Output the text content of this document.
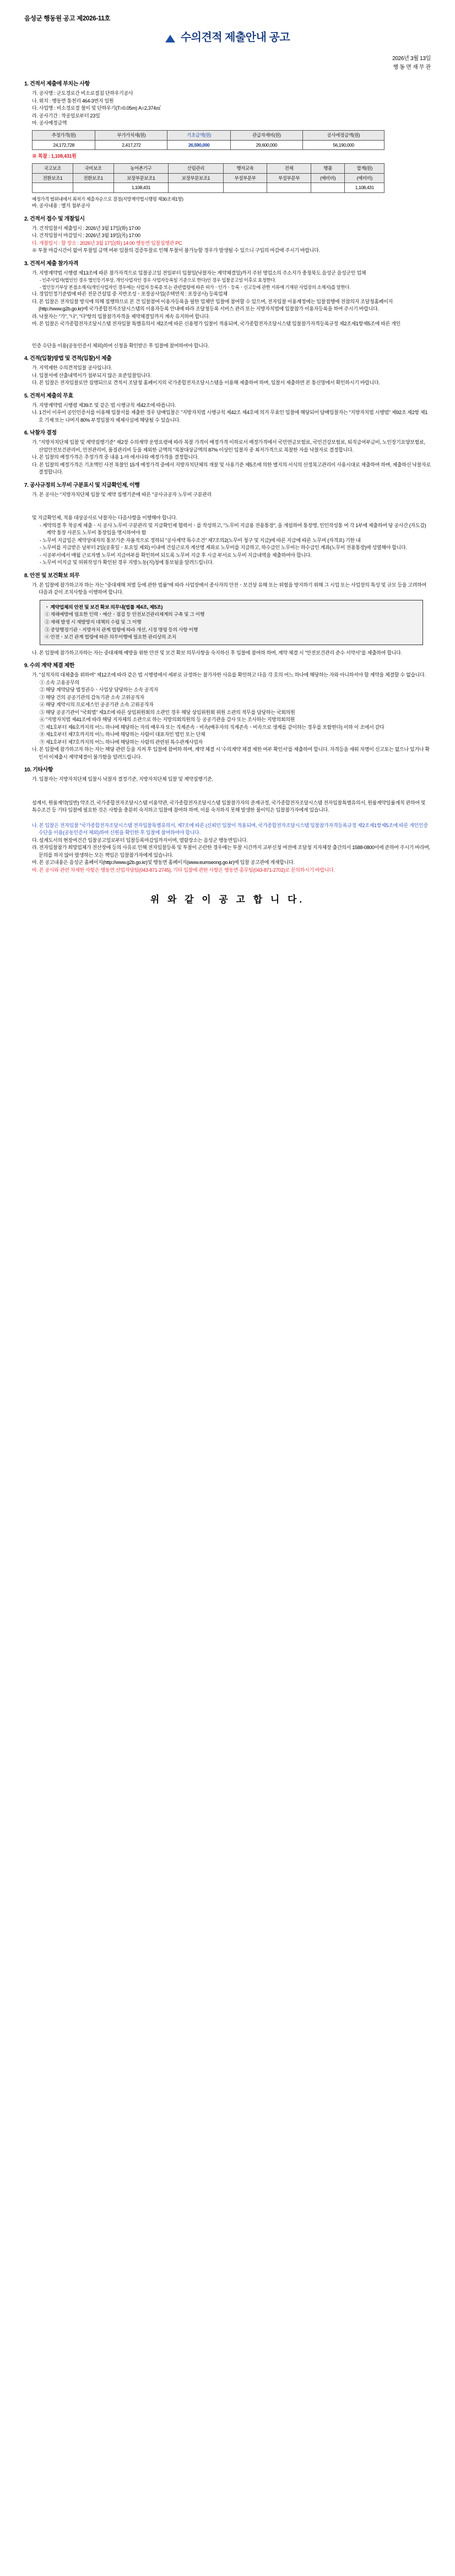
음성군 행동원 공고 제2026-11호
수의견적 제출안내 공고
2026년 3월 13일
행 동 면 재 무 관
1. 건적서 제출에 부치는 사항
가. 공사명 : 군도경로간 비소로절침 단하우기공사
나. 위치 : 행동면 통천리 464-3번지 일원
다. 사업명 : 비소경로절 철이 및 단하우기(T=0.05m) A=2,374㎡
라. 공사기간 : 착공일로부터 23일
마. 공사예정금액
추정가격(원)	부가가치세(원)	기초금액(원)	관급자재비(원)	공사에정금액(원)
24,172,728	2,417,272	26,590,000	29,600,000	56,190,000
※ 복찰 : 1,108,431원
국고보조	국비보조	농어촌기구	산림관리	행자교육	전체	행품	합계(원)
전환보조1	전환보조1	보장부문보조1	보장부문보조1	부설부문부	부설부문부	(예비비)	(예비비)
		1,108,431					1,108,431
예정가격 범위내에서 최저가 제출자순으로 결정(지방계약법시행령 제30조제1항)
바. 공사내용 : 별지 첨부공사
2. 건적서 접수 및 개찰일시
가. 건적입찰서 제출일시 : 2026년 3월 17일(화) 17:00
나. 건적입찰서 마감일시 : 2026년 3월 19일(목) 17:00
다. 개찰일시 : 할 장소 : 2026년 3월 17일(화) 14:00 행동면 입찰집행관 PC
※ 투찰 마감시간이 없어 투찰일 금액 여부 입찰의 검증투찰로 인해 투찰이 불가능할 경우가 발생될 수 있으니 구입의 마감에 주시기 바랍니다.
3. 건적서 제출 참가자격
가. 지방계약법 시행령 제13조에 따른 참가자격으로 입찰공고일 전일부터 입찰일(낙찰자는 계약체결일)까지 주된 영업소의 주소지가 충청북도 음성군 음성군인 업체
- 인주사업자(법인인 경우 법인등기부상, 개인사업자인 경우 사업자등록일 기준으로 한다)인 경우 입찰공고일 이후로 효정한다.
- 법인등기부상 본점소재지(개인사업자인 경우에는 사업자 등록증 또는 관련법령에 따른 허가ㆍ인가ㆍ등록ㆍ신고등에 관한 서류에 기재된 사업장의 소재지)를 말한다.
나. 경업인정기준법에 따른 전문건설업 중 지반조성ㆍ포장공사업(주택면적 : 포장공사) 등록업체
다. 본 입찰은 전자입찰 방식에 의해 집행하므로 본 건 입찰참여 이용자등록을 필한 업체만 입찰에 참여할 수 있으며, 전자입찰 이용계정에는 입찰접행에 전참의지 조달청홈페이지(http://www.g2b.go.kr)에 국가종합전자조달시스템의 이용자등록 안내에 따라 조달청등록 서비스 관리 또는 지방자치법에 입찰참가 이용자등록을 하여 주시기 바랍니다.
라. 낙찰자는 "가", "나", "다"항의 입찰참가자격을 제약체결일까지 계속 유지하여 합니다.
마. 본 입찰은 국가종합전자조달시스템 전자입찰 특별유의서 제2조에 따른 신용평가 입찰이 적용되며, 국가종합전자조달시스템 입찰참가자격등록규정 제2조제1항제5조에 따른 개인
인증 수단을 이용(공동인증서 체외)하여 신청을 확인받은 후 입찰에 참여하여야 합니다.
4. 건적(입찰)방법 및 견적(입찰)서 제출
가. 지역제한 수의견적입찰 공사입니다.
나. 입찰서에 산출내역서가 첨부되지 않은 표준입찰입니다.
다. 본 입찰은 전자입찰로만 집행되므로 견적서 조달청 홈페이지의 국가종합전자조달시스템을 이용해 제출하여 하며, 입찰서 제출하면 본 통신망에서 확인하시기 바랍니다.
5. 건적서 제출의 무효
가. 지방계약법 시행령 제39조 및 같은 법 시행규칙 제42조에 따릅니다.
나. 1건이 이루어 공인인증서를 이용해 입찰서를 제출한 경우 담배입찰은 "지방자치법 시행규칙 제42조 제4호에 의거 무효인 입찰에 해당되어 담배입찰자는 "지방자치법 시행법" 제92조 제2항 제1호 기재 또는 나머지 80% 부정입찰자 제재사실에 해당될 수 있습니다.
6. 낙찰자 결정
가. "지방자치단체 입찰 및 계약집행기준" 제2장 수의계약 운영요령에 따라 복찰 가격이 예정가격 이하로서 예정가격에서 국민연금보험료, 국민건강보험료, 퇴직급여부금비, 노인장기요양보험료, 산업안전보건관리비, 안전관리비, 품질관리비 등을 제외한 금액의 "복찰대상금액의 87% 이상인 입찰자 중 최저가격으로 복찰한 자를 낙찰자로 결정합니다.
나. 본 입찰의 예정가격은 추정가격 중 내용 1-마 에서나와 예정가격을 결정합니다.
다. 본 입찰의 예정가격은 기초액인 사전 복찰인 15개 예정가격 중에서 지방자치단체의 개찰 및 사용기준 제5조에 의한 별지의 서식의 선정복고관리이 사용시대로 제출하여 하며, 제출하신 낙찰자로 결정합니다.
7. 공사규정의 노무비 구분표시 및 지급확인제, 이행
가. 본 공사는 "지방자치단체 입찰 및 계약 집행기준에 따른 "공사규공자 노무비 구분관리
및 지급확인제, 적용 대상공사로 낙찰자는 다음사항을 이행해야 합니다.
- 계약의결 후 착공계 제출ㆍ시 공사 노무비 구분관리 및 지급확인제 협력서ㆍ를 작성하고, "노무비 지급용 전용통장", 을 개설하여 통장명, 인인작성통 여 각 1부에 제출하여 당 공사간 (자도감) 계약 통장 사본도 노무비 통장임을 명시하여야 함
- 노무비 지급일은 계약상대자의 통보기준 자율적으로 정하되 "공사계약 특수조건" 제7조의2(노무비 청구 및 지급)에 따른 지급에 따른 노무비 (자격표) 기한 내
- 노무비를 지급받은 날부터 2일(공휴일ㆍ토요일 제외) 이내에 건설근로자 계산명 계좌로 노무비를 지급하고, 하수급인 노무비는 하수급인 계좌(노무비 전용통장)에 성열해야 합니다.
- 시공부서에서 매월 근로자별 노무비 지급여부를 확인하여 되도록 노무비 지급 후 시급 부서로 노무비 지급내역을 제출하여야 합니다.
- 노무비 미지급 및 허위작성가 확인된 경우 지방노동(지)청에 통보됨을 알려드립니다.
8. 안전 및 보건확보 의무
가. 본 입찰에 참가하고자 하는 자는 "중대재해 처벌 등에 관한 법률"에 따라 사업장에서 종사자의 안전ㆍ보건상 유해 또는 위험을 방지하기 위해 그 시업 또는 사업장의 특성 및 규모 등을 고려하여 다음과 같이 조치사항을 이행하여 합니다.
ㆍ 계약업체의 안전 및 보건 확보 의무내(법률 제4조, 제5조)
① 재해예방에 필요한 인력ㆍ예산ㆍ점검 등 안전보건관리체계의 구축 및 그 이행
② 재해 발생 시 재발방지 대책의 수립 및 그 이행
③ 중앙행정기관ㆍ지방자치 관계 법령에 따라 개선, 시정 명령 등의 사항 이행
④ 안전ㆍ보건 관계 법령에 따른 의무이행에 필요한 관리상의 조치
나. 본 입찰에 참가하고자하는 자는 중대재해 예방을 위한 안전 및 보건 확보 의무사항을 숙지하신 후 입찰에 참여하 하며, 계약 체결 시 "안전보건관리 준수 서약서"를 제출하여 합니다.
9. 수의 계약 체결 제한
가. "실적자의 대체출을 위하여" 제12조에 따라 같은 법 시행령에서 세부로 규정하는 참가자한 사유를 확인하고 다음 각 호의 어느 하나에 해당하는 자와 아니하셔야 할 계약을 체결할 수 없습니다.
① 소속 고용공무의
② 해당 계약담당 법정권수ㆍ사업상 담당하는 소속 공직자
③ 해당 건의 공공기관의 감독기관 소속 고위공직자
④ 해당 계약시의 프로세스인 공공기관 소속 고위공직자
⑤ 해당 공공기관이 "국회법" 제3조에 따른 상임위원회의 소관인 경우 해당 상임위원회 위원 소관의 적무를 담당하는 국회의원
⑥ "지방자치법 제41조에 따라 해당 지자체의 소관으로 하는 지방의회의원의 등 공공기관을 감사 또는 조사하는 지방의회의원
⑦ 제1호부터 제6호까지의 어느 하나에 해당하는 자의 배우자 또는 직계존속ㆍ비속(배우자의 직계존속ㆍ비속으로 생계를 같이하는 경우를 포함한다) 이하 이 조에서 같다
⑧ 제1호부터 제7호까지의 어느 하나에 해당하는 사람이 대표자인 법인 또는 단체
⑨ 제1호부터 제7호까지의 어느 하나에 해당하는 사람의 관련된 특수관계사업자
나. 본 입찰에 참가하고자 하는 자는 해당 관련 등을 지켜 후 입찰에 참여하 하며, 계약 체결 시 '수의계약 체결 제한 여부 확인서'를 제출하여 합니다. 자격등을 세워 차명이 신고토는 없으나 있거나 확인서 이제출시 계약체결이 불가함을 알려드립니다.
10. 기타사항
가. 입찰자는 지방자치단체 입찰시 낙찰자 결정기준, 지방자치단체 입찰 및 계약집행기준,
설계서, 원룸계약(일반) 약조건, 국가종합전자조달시스템 이용약관, 국가종합전자조달시스템 입찰참가자의 준계규정, 국가종합전자조달시스템 전자입찰특별유의서, 원룸계약일률계칙 관하여 및 특수조건 등 기타 입찰에 필요한 것은 사항을 충분히 숙지하고 입찰에 참여하 하며, 이를 숙지하지 못해 발생한 불이익은 입찰참가자에게 있습니다.
나. 본 입찰은 전자입찰 "국가종합전자조달시스템 전자입찰특별유의서, 제7조에 따른 (신뢰인 입찰이 적용되며, 국가종합전자조달시스템 입찰참가자격등록규정 제2조제1항제5조에 따른 개인인증수단을 이용(공동인증서 체외)하여 신원을 확인한 후 입찰에 참여하여야 합니다.
다. 설계도서의 현장여건간 입찰공고일로부터 입찰등록마감일까지이며, 열람장소는 음성군 행동면입니다.
라. 전자입찰참가 희망업체가 전산장애 등의 사유로 인해 전자입찰등록 및 투찰이 곤란한 경우에는 투찰 시간까지 교부신청 여전에 조달청 지자체장 출간의서 1588-0800이에 준하여 주시기 바라며, 문의를 하지 않아 발생하는 모든 책임은 입찰참가자에게 있습니다.
마. 본 공고내용은 음성군 홈페이지(http://www.g2b.go.kr)및 행동면 홈페이지(www.eumseong.go.kr)에 입찰 공고관에 게재합니다.
바. 본 공사와 관련 차세한 사항은 행동면 산업자당팀(043-871-2745), 기타 입찰에 관한 사항은 행동면 총무팀(043-871-2702)로 문의하시기 바랍니다.
위 와 같 이 공 고 합 니 다.
